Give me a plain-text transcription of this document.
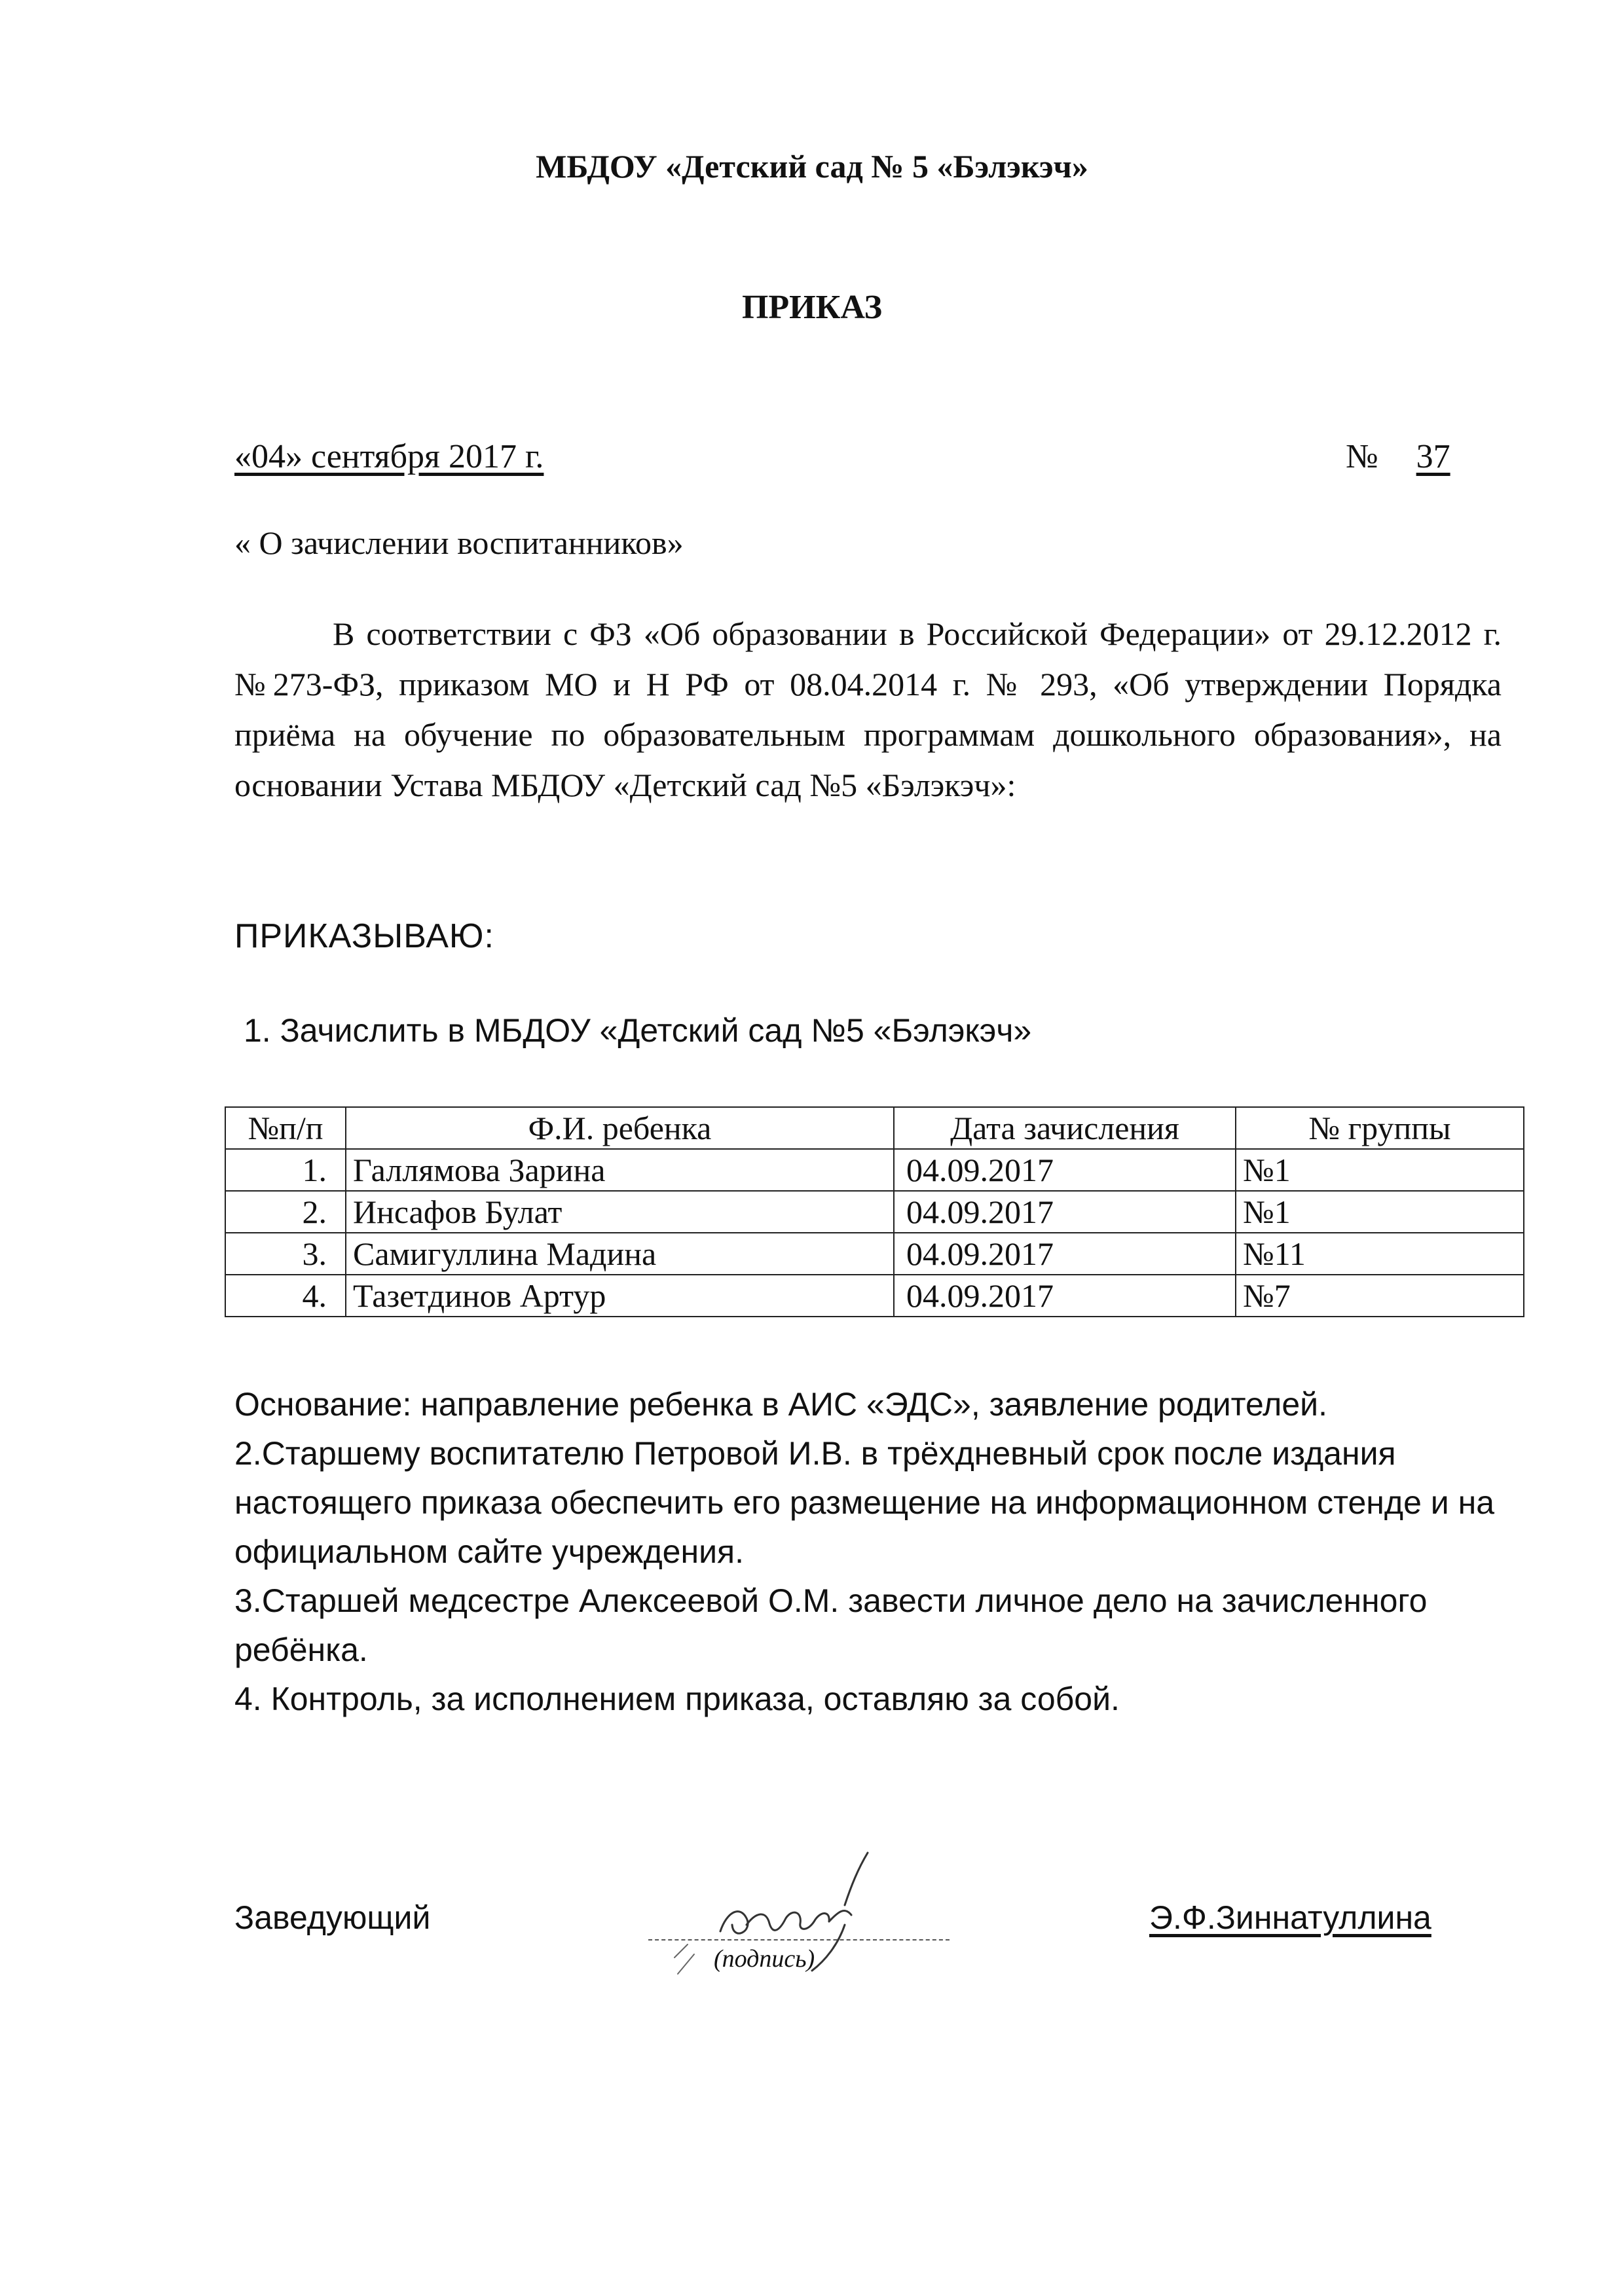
МБДОУ «Детский сад № 5 «Бэлэкэч»
ПРИКАЗ
«04» сентября 2017 г.	№ 37
« О зачислении воспитанников»
В соответствии с ФЗ «Об образовании в Российской Федерации» от 29.12.2012 г. №273-ФЗ, приказом МО и Н РФ от 08.04.2014 г. № 293, «Об утверждении Порядка приёма на обучение по образовательным программам дошкольного образования», на основании Устава МБДОУ «Детский сад №5 «Бэлэкэч»:
ПРИКАЗЫВАЮ:
1. Зачислить в МБДОУ «Детский сад №5 «Бэлэкэч»
№п/п	Ф.И. ребенка	Дата зачисления	№ группы
1.	Галлямова Зарина	04.09.2017	№1
2.	Инсафов Булат	04.09.2017	№1
3.	Самигуллина Мадина	04.09.2017	№11
4.	Тазетдинов Артур	04.09.2017	№7

Основание: направление ребенка в АИС «ЭДС», заявление родителей.

2.Старшему воспитателю Петровой И.В. в трёхдневный срок после издания настоящего приказа обеспечить его размещение на информационном стенде и на официальном сайте учреждения.

3.Старшей медсестре Алексеевой О.М. завести личное дело на зачисленного ребёнка.

4. Контроль, за исполнением приказа, оставляю за собой.

Заведующий
(подпись)
Э.Ф.Зиннатуллина
